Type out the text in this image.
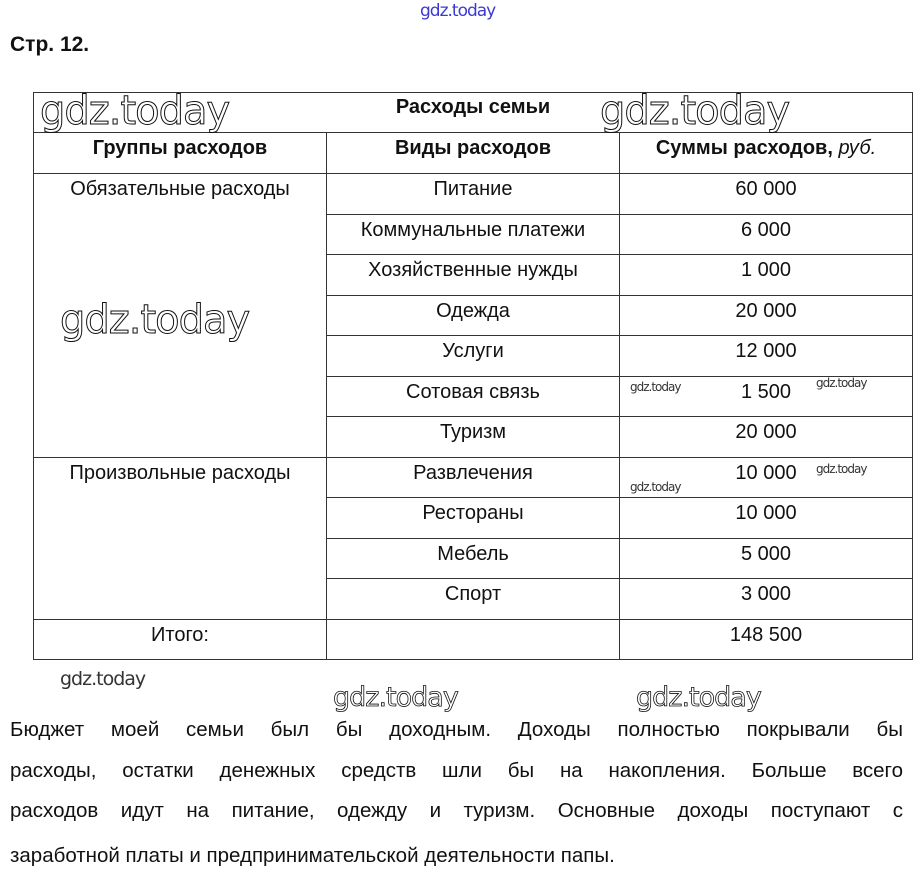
Стр. 12.
Расходы семьи
Группы расходов	Виды расходов	Суммы расходов, руб.
Обязательные расходы	Питание	60 000
Коммунальные платежи	6 000
Хозяйственные нужды	1 000
Одежда	20 000
Услуги	12 000
Сотовая связь	1 500
Туризм	20 000
Произвольные расходы	Развлечения	10 000
Рестораны	10 000
Мебель	5 000
Спорт	3 000
Итого:	148 500
Бюджет моей семьи был бы доходным. Доходы полностью покрывали бы
расходы, остатки денежных средств шли бы на накопления. Больше всего
расходов идут на питание, одежду и туризм. Основные доходы поступают с
заработной платы и предпринимательской деятельности папы.
gdz.today
gdz.today	gdz.today
gdz.today
gdz.today	gdz.today
gdz.today
gdz.today
gdz.today	gdz.today
gdz.today
